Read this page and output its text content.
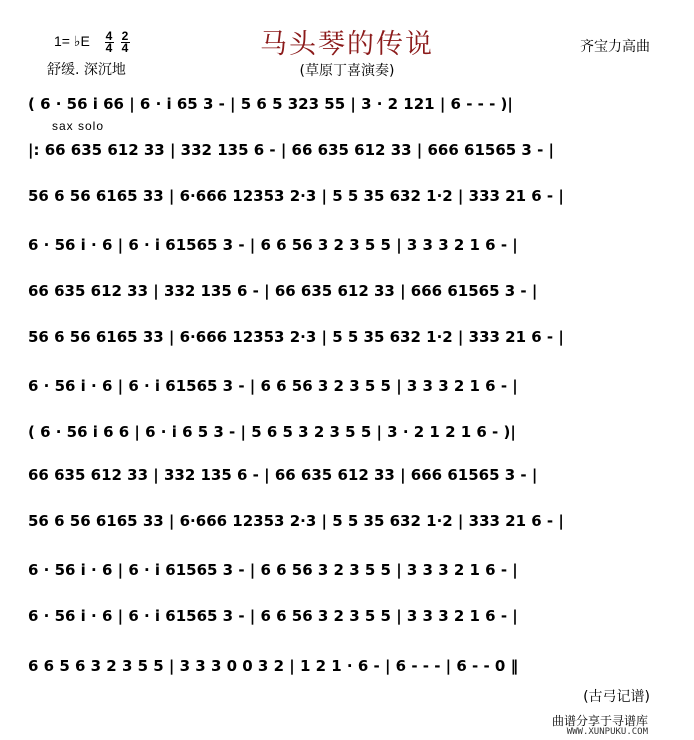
马头琴的传说
(草原丁喜演奏)
齐宝力高曲
1= ♭E 4
4
2
4
舒缓. 深沉地
sax solo
( 6 · 56 i 66 | 6 · i 65 3 - | 5 6 5 323 55 | 3 · 2 121 | 6 - - - )|
|: 66 635 612 33 | 332 135 6 - | 66 635 612 33 | 666 61565 3 - |
56 6 56 6165 33 | 6·666 12353 2·3 | 5 5 35 632 1·2 | 333 21 6 - |
6 · 56 i · 6 | 6 · i 61565 3 - | 6 6 56 3 2 3 5 5 | 3 3 3 2 1 6 - |
66 635 612 33 | 332 135 6 - | 66 635 612 33 | 666 61565 3 - |
56 6 56 6165 33 | 6·666 12353 2·3 | 5 5 35 632 1·2 | 333 21 6 - |
6 · 56 i · 6 | 6 · i 61565 3 - | 6 6 56 3 2 3 5 5 | 3 3 3 2 1 6 - |
( 6 · 56 i 6 6 | 6 · i 6 5 3 - | 5 6 5 3 2 3 5 5 | 3 · 2 1 2 1 6 - )|
66 635 612 33 | 332 135 6 - | 66 635 612 33 | 666 61565 3 - |
56 6 56 6165 33 | 6·666 12353 2·3 | 5 5 35 632 1·2 | 333 21 6 - |
6 · 56 i · 6 | 6 · i 61565 3 - | 6 6 56 3 2 3 5 5 | 3 3 3 2 1 6 - |
6 · 56 i · 6 | 6 · i 61565 3 - | 6 6 56 3 2 3 5 5 | 3 3 3 2 1 6 - |
6 6 5 6 3 2 3 5 5 | 3 3 3 0 0 3 2 | 1 2 1 · 6 - | 6 - - - | 6 - - 0 ‖
(古弓记谱)
曲谱分享于寻谱库
WWW.XUNPUKU.COM
